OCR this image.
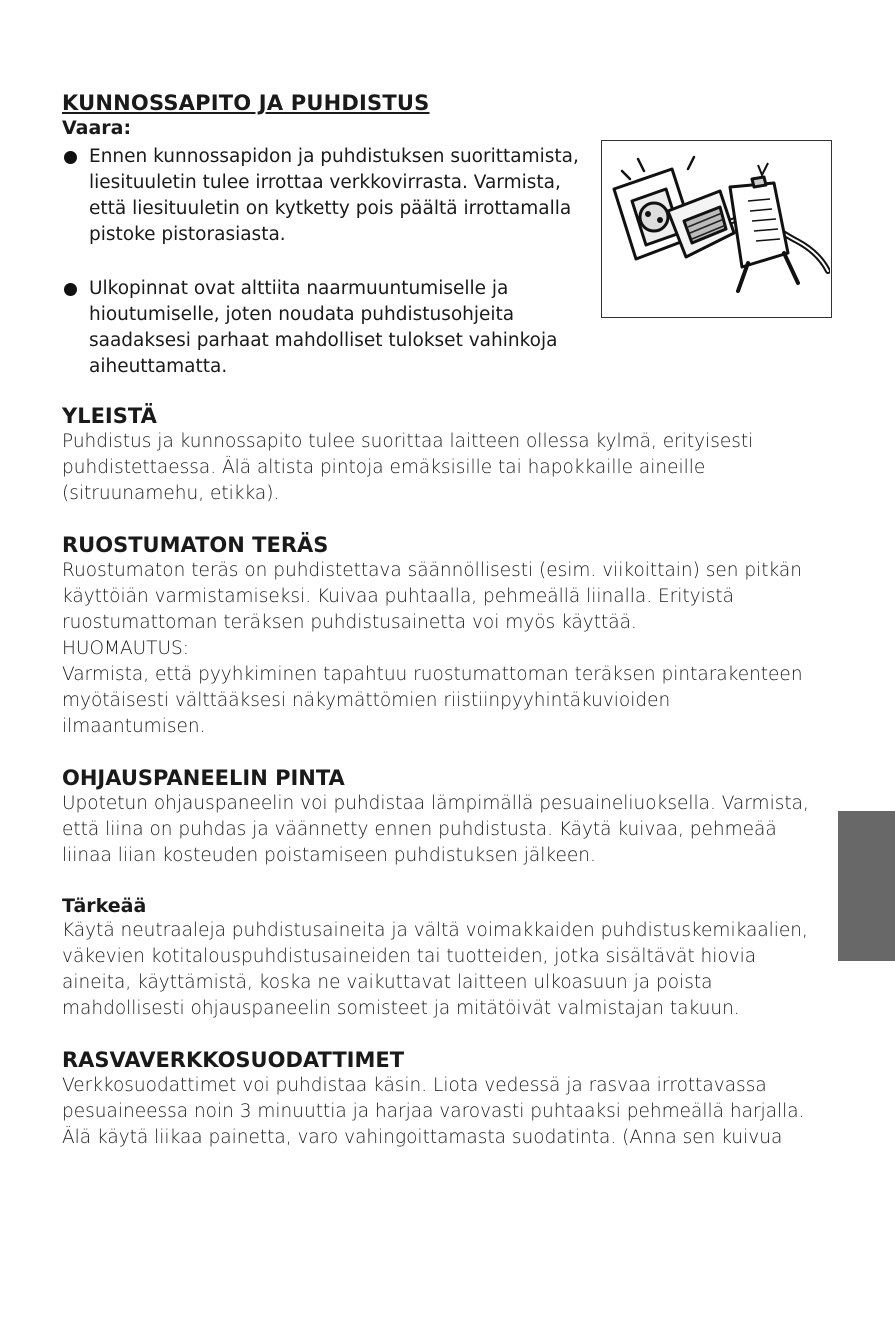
KUNNOSSAPITO JA PUHDISTUS
Vaara:
Ennen kunnossapidon ja puhdistuksen suorittamista,
liesituuletin tulee irrottaa verkkovirrasta. Varmista,
että liesituuletin on kytketty pois päältä irrottamalla
pistoke pistorasiasta.
Ulkopinnat ovat alttiita naarmuuntumiselle ja
hioutumiselle, joten noudata puhdistusohjeita
saadaksesi parhaat mahdolliset tulokset vahinkoja
aiheuttamatta.
YLEISTÄ

Puhdistus ja kunnossapito tulee suorittaa laitteen ollessa kylmä, erityisesti
puhdistettaessa. Älä altista pintoja emäksisille tai hapokkaille aineille
(sitruunamehu, etikka).

RUOSTUMATON TERÄS

Ruostumaton teräs on puhdistettava säännöllisesti (esim. viikoittain) sen pitkän
käyttöiän varmistamiseksi. Kuivaa puhtaalla, pehmeällä liinalla. Erityistä
ruostumattoman teräksen puhdistusainetta voi myös käyttää.
HUOMAUTUS:
Varmista, että pyyhkiminen tapahtuu ruostumattoman teräksen pintarakenteen
myötäisesti välttääksesi näkymättömien riistiinpyyhintäkuvioiden
ilmaantumisen.

OHJAUSPANEELIN PINTA

Upotetun ohjauspaneelin voi puhdistaa lämpimällä pesuaineliuoksella. Varmista,
että liina on puhdas ja väännetty ennen puhdistusta. Käytä kuivaa, pehmeää
liinaa liian kosteuden poistamiseen puhdistuksen jälkeen.

Tärkeää

Käytä neutraaleja puhdistusaineita ja vältä voimakkaiden puhdistuskemikaalien,
väkevien kotitalouspuhdistusaineiden tai tuotteiden, jotka sisältävät hiovia
aineita, käyttämistä, koska ne vaikuttavat laitteen ulkoasuun ja poista
mahdollisesti ohjauspaneelin somisteet ja mitätöivät valmistajan takuun.

RASVAVERKKOSUODATTIMET

Verkkosuodattimet voi puhdistaa käsin. Liota vedessä ja rasvaa irrottavassa
pesuaineessa noin 3 minuuttia ja harjaa varovasti puhtaaksi pehmeällä harjalla.
Älä käytä liikaa painetta, varo vahingoittamasta suodatinta. (Anna sen kuivua
